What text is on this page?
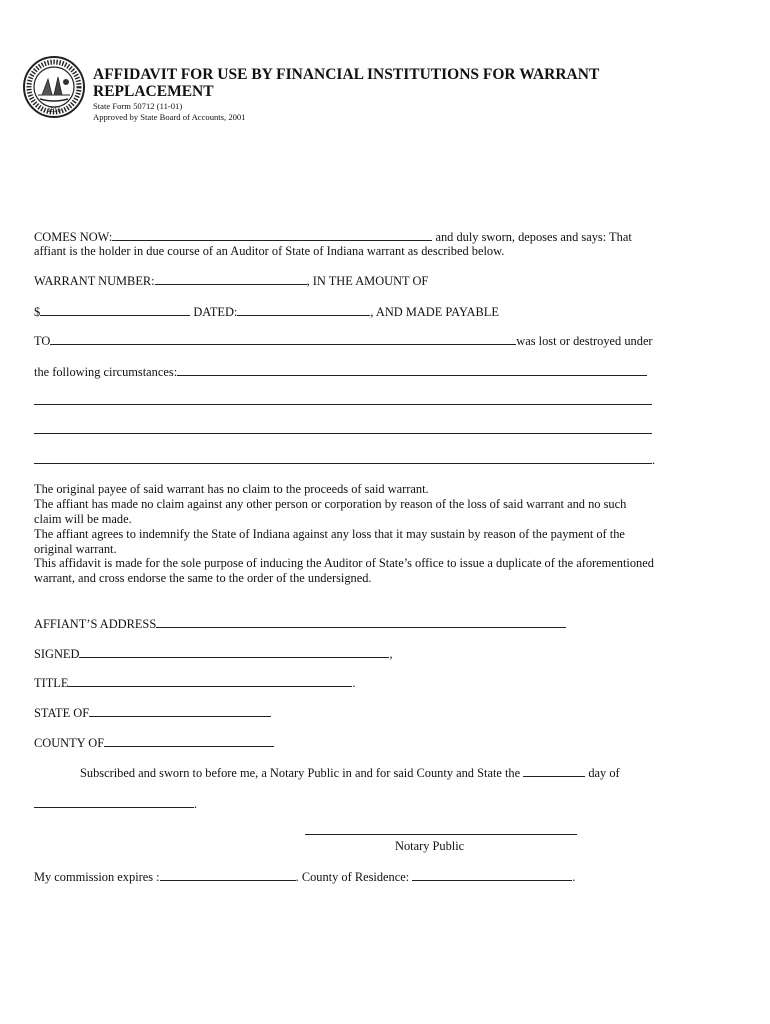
1816
AFFIDAVIT FOR USE BY FINANCIAL INSTITUTIONS FOR WARRANT
REPLACEMENT
State Form 50712 (11-01)
Approved by State Board of Accounts, 2001
COMES NOW:	and duly sworn, deposes and says: That
affiant is the holder in due course of an Auditor of State of Indiana warrant as described below.
WARRANT NUMBER:	, IN THE AMOUNT OF
$	DATED:	, AND MADE PAYABLE
TO	was lost or destroyed under
the following circumstances:
.
The original payee of said warrant has no claim to the proceeds of said warrant.
The affiant has made no claim against any other person or corporation by reason of the loss of said warrant and no such claim will be made.
The affiant agrees to indemnify the State of Indiana against any loss that it may sustain by reason of the payment of the original warrant.
This affidavit is made for the sole purpose of inducing the Auditor of State’s office to issue a duplicate of the aforementioned warrant, and cross endorse the same to the order of the undersigned.
AFFIANT’S ADDRESS
SIGNED	,
TITLE	.
STATE OF
COUNTY OF
Subscribed and sworn to before me, a Notary Public in and for said County and State the	day of
.
Notary Public
My commission expires :	. County of Residence:	.
